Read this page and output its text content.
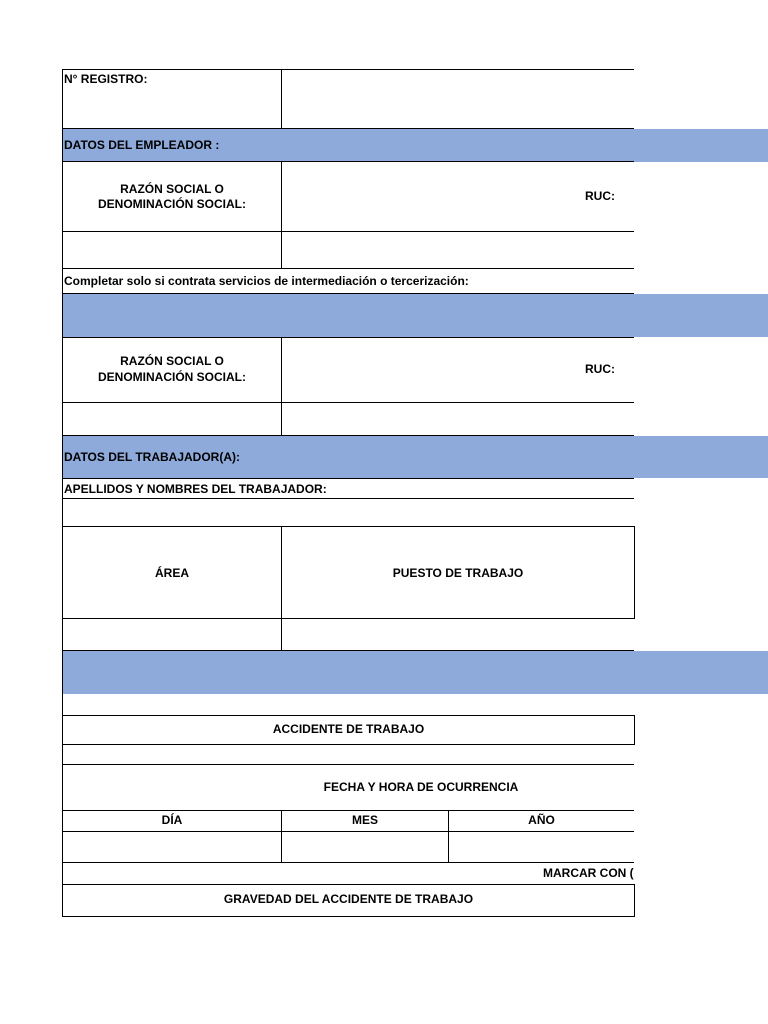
N° REGISTRO:
DATOS DEL EMPLEADOR :
RAZÓN SOCIAL O
DENOMINACIÓN SOCIAL:
RUC:
Completar solo si contrata servicios de intermediación o tercerización:
RAZÓN SOCIAL O
DENOMINACIÓN SOCIAL:
RUC:
DATOS DEL TRABAJADOR(A):
APELLIDOS Y NOMBRES DEL TRABAJADOR:
ÁREA	PUESTO DE TRABAJO
ACCIDENTE DE TRABAJO
FECHA Y HORA DE OCURRENCIA
DÍA	MES	AÑO
MARCAR CON (
GRAVEDAD DEL ACCIDENTE DE TRABAJO
